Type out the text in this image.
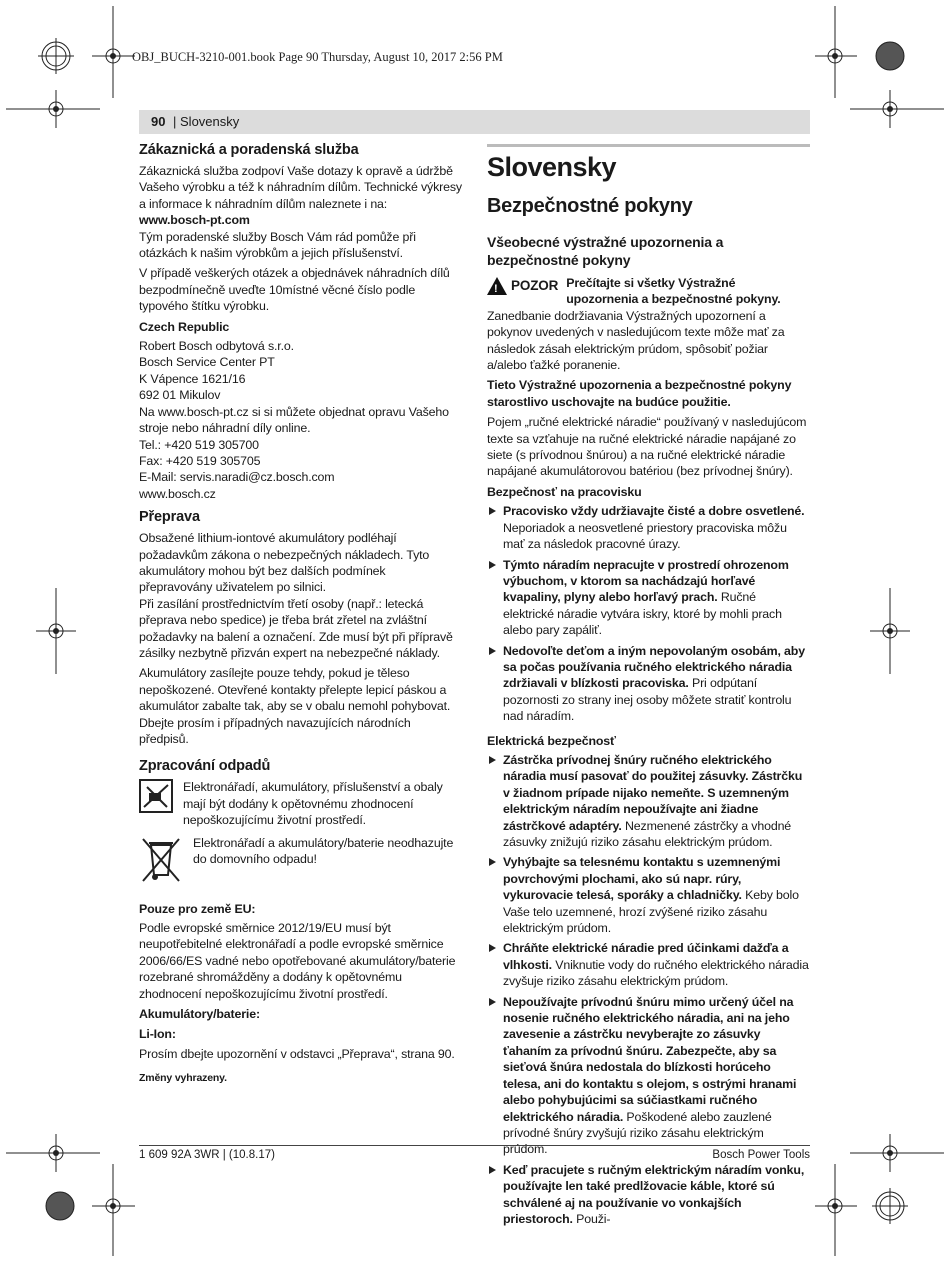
OBJ_BUCH-3210-001.book Page 90 Thursday, August 10, 2017 2:56 PM
90 | Slovensky
Zákaznická a poradenská služba

Zákaznická služba zodpoví Vaše dotazy k opravě a údržbě Vašeho výrobku a též k náhradním dílům. Technické výkresy a informace k náhradním dílům naleznete i na:
www.bosch-pt.com
Tým poradenské služby Bosch Vám rád pomůže při otázkách k našim výrobkům a jejich příslušenství.

V případě veškerých otázek a objednávek náhradních dílů bezpodmínečně uveďte 10místné věcné číslo podle typového štítku výrobku.

Czech Republic
Robert Bosch odbytová s.r.o.
Bosch Service Center PT
K Vápence 1621/16
692 01 Mikulov
Na www.bosch-pt.cz si si můžete objednat opravu Vašeho stroje nebo náhradní díly online.
Tel.: +420 519 305700
Fax: +420 519 305705
E-Mail: servis.naradi@cz.bosch.com
www.bosch.cz
Přeprava

Obsažené lithium-iontové akumulátory podléhají požadavkům zákona o nebezpečných nákladech. Tyto akumulátory mohou být bez dalších podmínek přepravovány uživatelem po silnici.
Při zasílání prostřednictvím třetí osoby (např.: letecká přeprava nebo spedice) je třeba brát zřetel na zvláštní požadavky na balení a označení. Zde musí být při přípravě zásilky nezbytně přizván expert na nebezpečné náklady.

Akumulátory zasílejte pouze tehdy, pokud je těleso nepoškozené. Otevřené kontakty přelepte lepicí páskou a akumulátor zabalte tak, aby se v obalu nemohl pohybovat.
Dbejte prosím i případných navazujících národních předpisů.

Zpracování odpadů
Elektronářadí, akumulátory, příslušenství a obaly mají být dodány k opětovnému zhodnocení nepoškozujícímu životní prostředí.
Elektronářadí a akumulátory/baterie neodhazujte do domovního odpadu!
Pouze pro země EU:

Podle evropské směrnice 2012/19/EU musí být neupotřebitelné elektronářadí a podle evropské směrnice 2006/66/ES vadné nebo opotřebované akumulátory/baterie rozebrané shromážděny a dodány k opětovnému zhodnocení nepoškozujícímu životní prostředí.

Akumulátory/baterie:
Li-Ion:

Prosím dbejte upozornění v odstavci „Přeprava“, strana 90.

Změny vyhrazeny.
Slovensky
Bezpečnostné pokyny
Všeobecné výstražné upozornenia a bezpečnostné pokyny

! POZOR Prečítajte si všetky Výstražné upozornenia a bezpečnostné pokyny. Zanedbanie dodržiavania Výstražných upozornení a pokynov uvedených v nasledujúcom texte môže mať za následok zásah elektrickým prúdom, spôsobiť požiar a/alebo ťažké poranenie.

Tieto Výstražné upozornenia a bezpečnostné pokyny starostlivo uschovajte na budúce použitie.

Pojem „ručné elektrické náradie“ používaný v nasledujúcom texte sa vzťahuje na ručné elektrické náradie napájané zo siete (s prívodnou šnúrou) a na ručné elektrické náradie napájané akumulátorovou batériou (bez prívodnej šnúry).

Bezpečnosť na pracovisku
Pracovisko vždy udržiavajte čisté a dobre osvetlené. Neporiadok a neosvetlené priestory pracoviska môžu mať za následok pracovné úrazy.
Týmto náradím nepracujte v prostredí ohrozenom výbuchom, v ktorom sa nachádzajú horľavé kvapaliny, plyny alebo horľavý prach. Ručné elektrické náradie vytvára iskry, ktoré by mohli prach alebo pary zapáliť.
Nedovoľte deťom a iným nepovolaným osobám, aby sa počas používania ručného elektrického náradia zdržiavali v blízkosti pracoviska. Pri odpútaní pozornosti zo strany inej osoby môžete stratiť kontrolu nad náradím.
Elektrická bezpečnosť
Zástrčka prívodnej šnúry ručného elektrického náradia musí pasovať do použitej zásuvky. Zástrčku v žiadnom prípade nijako nemeňte. S uzemneným elektrickým náradím nepoužívajte ani žiadne zástrčkové adaptéry. Nezmenené zástrčky a vhodné zásuvky znižujú riziko zásahu elektrickým prúdom.
Vyhýbajte sa telesnému kontaktu s uzemnenými povrchovými plochami, ako sú napr. rúry, vykurovacie telesá, sporáky a chladničky. Keby bolo Vaše telo uzemnené, hrozí zvýšené riziko zásahu elektrickým prúdom.
Chráňte elektrické náradie pred účinkami dažďa a vlhkosti. Vniknutie vody do ručného elektrického náradia zvyšuje riziko zásahu elektrickým prúdom.
Nepoužívajte prívodnú šnúru mimo určený účel na nosenie ručného elektrického náradia, ani na jeho zavesenie a zástrčku nevyberajte zo zásuvky ťahaním za prívodnú šnúru. Zabezpečte, aby sa sieťová šnúra nedostala do blízkosti horúceho telesa, ani do kontaktu s olejom, s ostrými hranami alebo pohybujúcimi sa súčiastkami ručného elektrického náradia. Poškodené alebo zauzlené prívodné šnúry zvyšujú riziko zásahu elektrickým prúdom.
Keď pracujete s ručným elektrickým náradím vonku, používajte len také predlžovacie káble, ktoré sú schválené aj na používanie vo vonkajších priestoroch. Použi-
1 609 92A 3WR | (10.8.17)	Bosch Power Tools
